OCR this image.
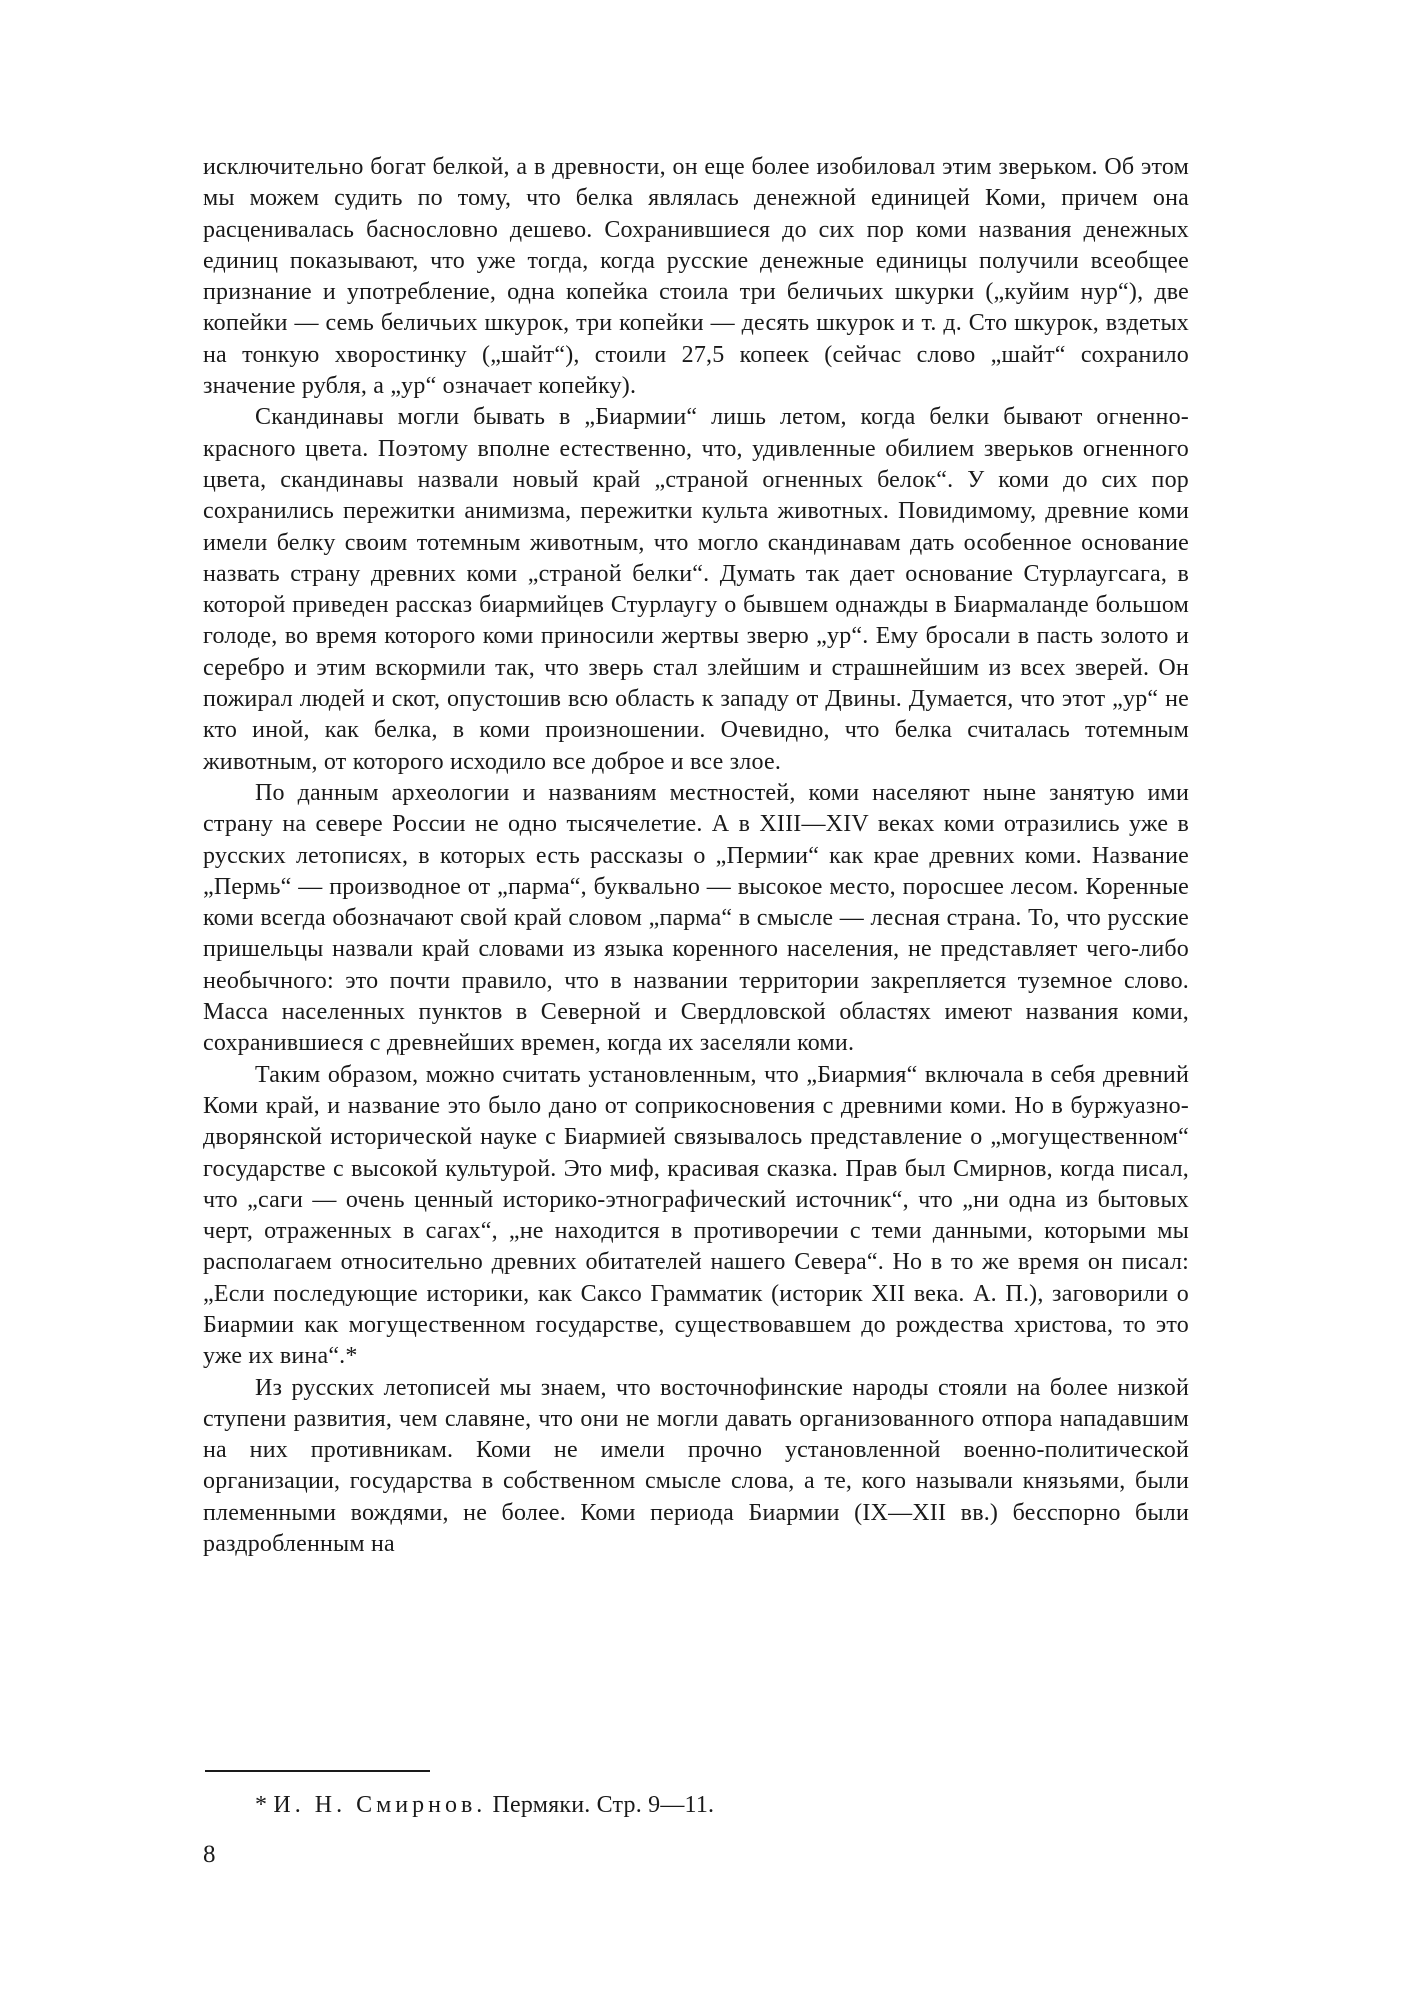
исключительно богат белкой, а в древности, он еще более изобиловал этим зверьком. Об этом мы можем судить по тому, что белка являлась денежной единицей Коми, причем она расценивалась баснословно дешево. Сохранившиеся до сих пор коми названия денежных единиц показывают, что уже тогда, когда русские денежные единицы получили всеобщее признание и употребление, одна копейка стоила три беличьих шкурки („куйим нур“), две копейки — семь беличьих шкурок, три копейки — десять шкурок и т. д. Сто шкурок, вздетых на тонкую хворостинку („шайт“), стоили 27,5 копеек (сейчас слово „шайт“ сохранило значение рубля, а „ур“ означает копейку).

Скандинавы могли бывать в „Биармии“ лишь летом, когда белки бывают огненно-красного цвета. Поэтому вполне естественно, что, удивленные обилием зверьков огненного цвета, скандинавы назвали новый край „страной огненных белок“. У коми до сих пор сохранились пережитки анимизма, пережитки культа животных. Повидимому, древние коми имели белку своим тотемным животным, что могло скандинавам дать особенное основание назвать страну древних коми „страной белки“. Думать так дает основание Стурлаугсага, в которой приведен рассказ биармийцев Стурлаугу о бывшем однажды в Биармаланде большом голоде, во время которого коми приносили жертвы зверю „ур“. Ему бросали в пасть золото и серебро и этим вскормили так, что зверь стал злейшим и страшнейшим из всех зверей. Он пожирал людей и скот, опустошив всю область к западу от Двины. Думается, что этот „ур“ не кто иной, как белка, в коми произношении. Очевидно, что белка считалась тотемным животным, от которого исходило все доброе и все злое.

По данным археологии и названиям местностей, коми населяют ныне занятую ими страну на севере России не одно тысячелетие. А в XIII—XIV веках коми отразились уже в русских летописях, в которых есть рассказы о „Пермии“ как крае древних коми. Название „Пермь“ — производное от „парма“, буквально — высокое место, поросшее лесом. Коренные коми всегда обозначают свой край словом „парма“ в смысле — лесная страна. То, что русские пришельцы назвали край словами из языка коренного населения, не представляет чего-либо необычного: это почти правило, что в названии территории закрепляется туземное слово. Масса населенных пунктов в Северной и Свердловской областях имеют названия коми, сохранившиеся с древнейших времен, когда их заселяли коми.

Таким образом, можно считать установленным, что „Биармия“ включала в себя древний Коми край, и название это было дано от соприкосновения с древними коми. Но в буржуазно-дворянской исторической науке с Биармией связывалось представление о „могущественном“ государстве с высокой культурой. Это миф, красивая сказка. Прав был Смирнов, когда писал, что „саги — очень ценный историко-этнографический источник“, что „ни одна из бытовых черт, отраженных в сагах“, „не находится в противоречии с теми данными, которыми мы располагаем относительно древних обитателей нашего Севера“. Но в то же время он писал: „Если последующие историки, как Саксо Грамматик (историк XII века. А. П.), заговорили о Биармии как могущественном государстве, существовавшем до рождества христова, то это уже их вина“.*

Из русских летописей мы знаем, что восточнофинские народы стояли на более низкой ступени развития, чем славяне, что они не могли давать организованного отпора нападавшим на них противникам. Коми не имели прочно установленной военно-политической организации, государства в собственном смысле слова, а те, кого называли князьями, были племенными вождями, не более. Коми периода Биармии (IX—XII вв.) бесспорно были раздробленным на

* И. Н. Смирнов. Пермяки. Стр. 9—11.
8
